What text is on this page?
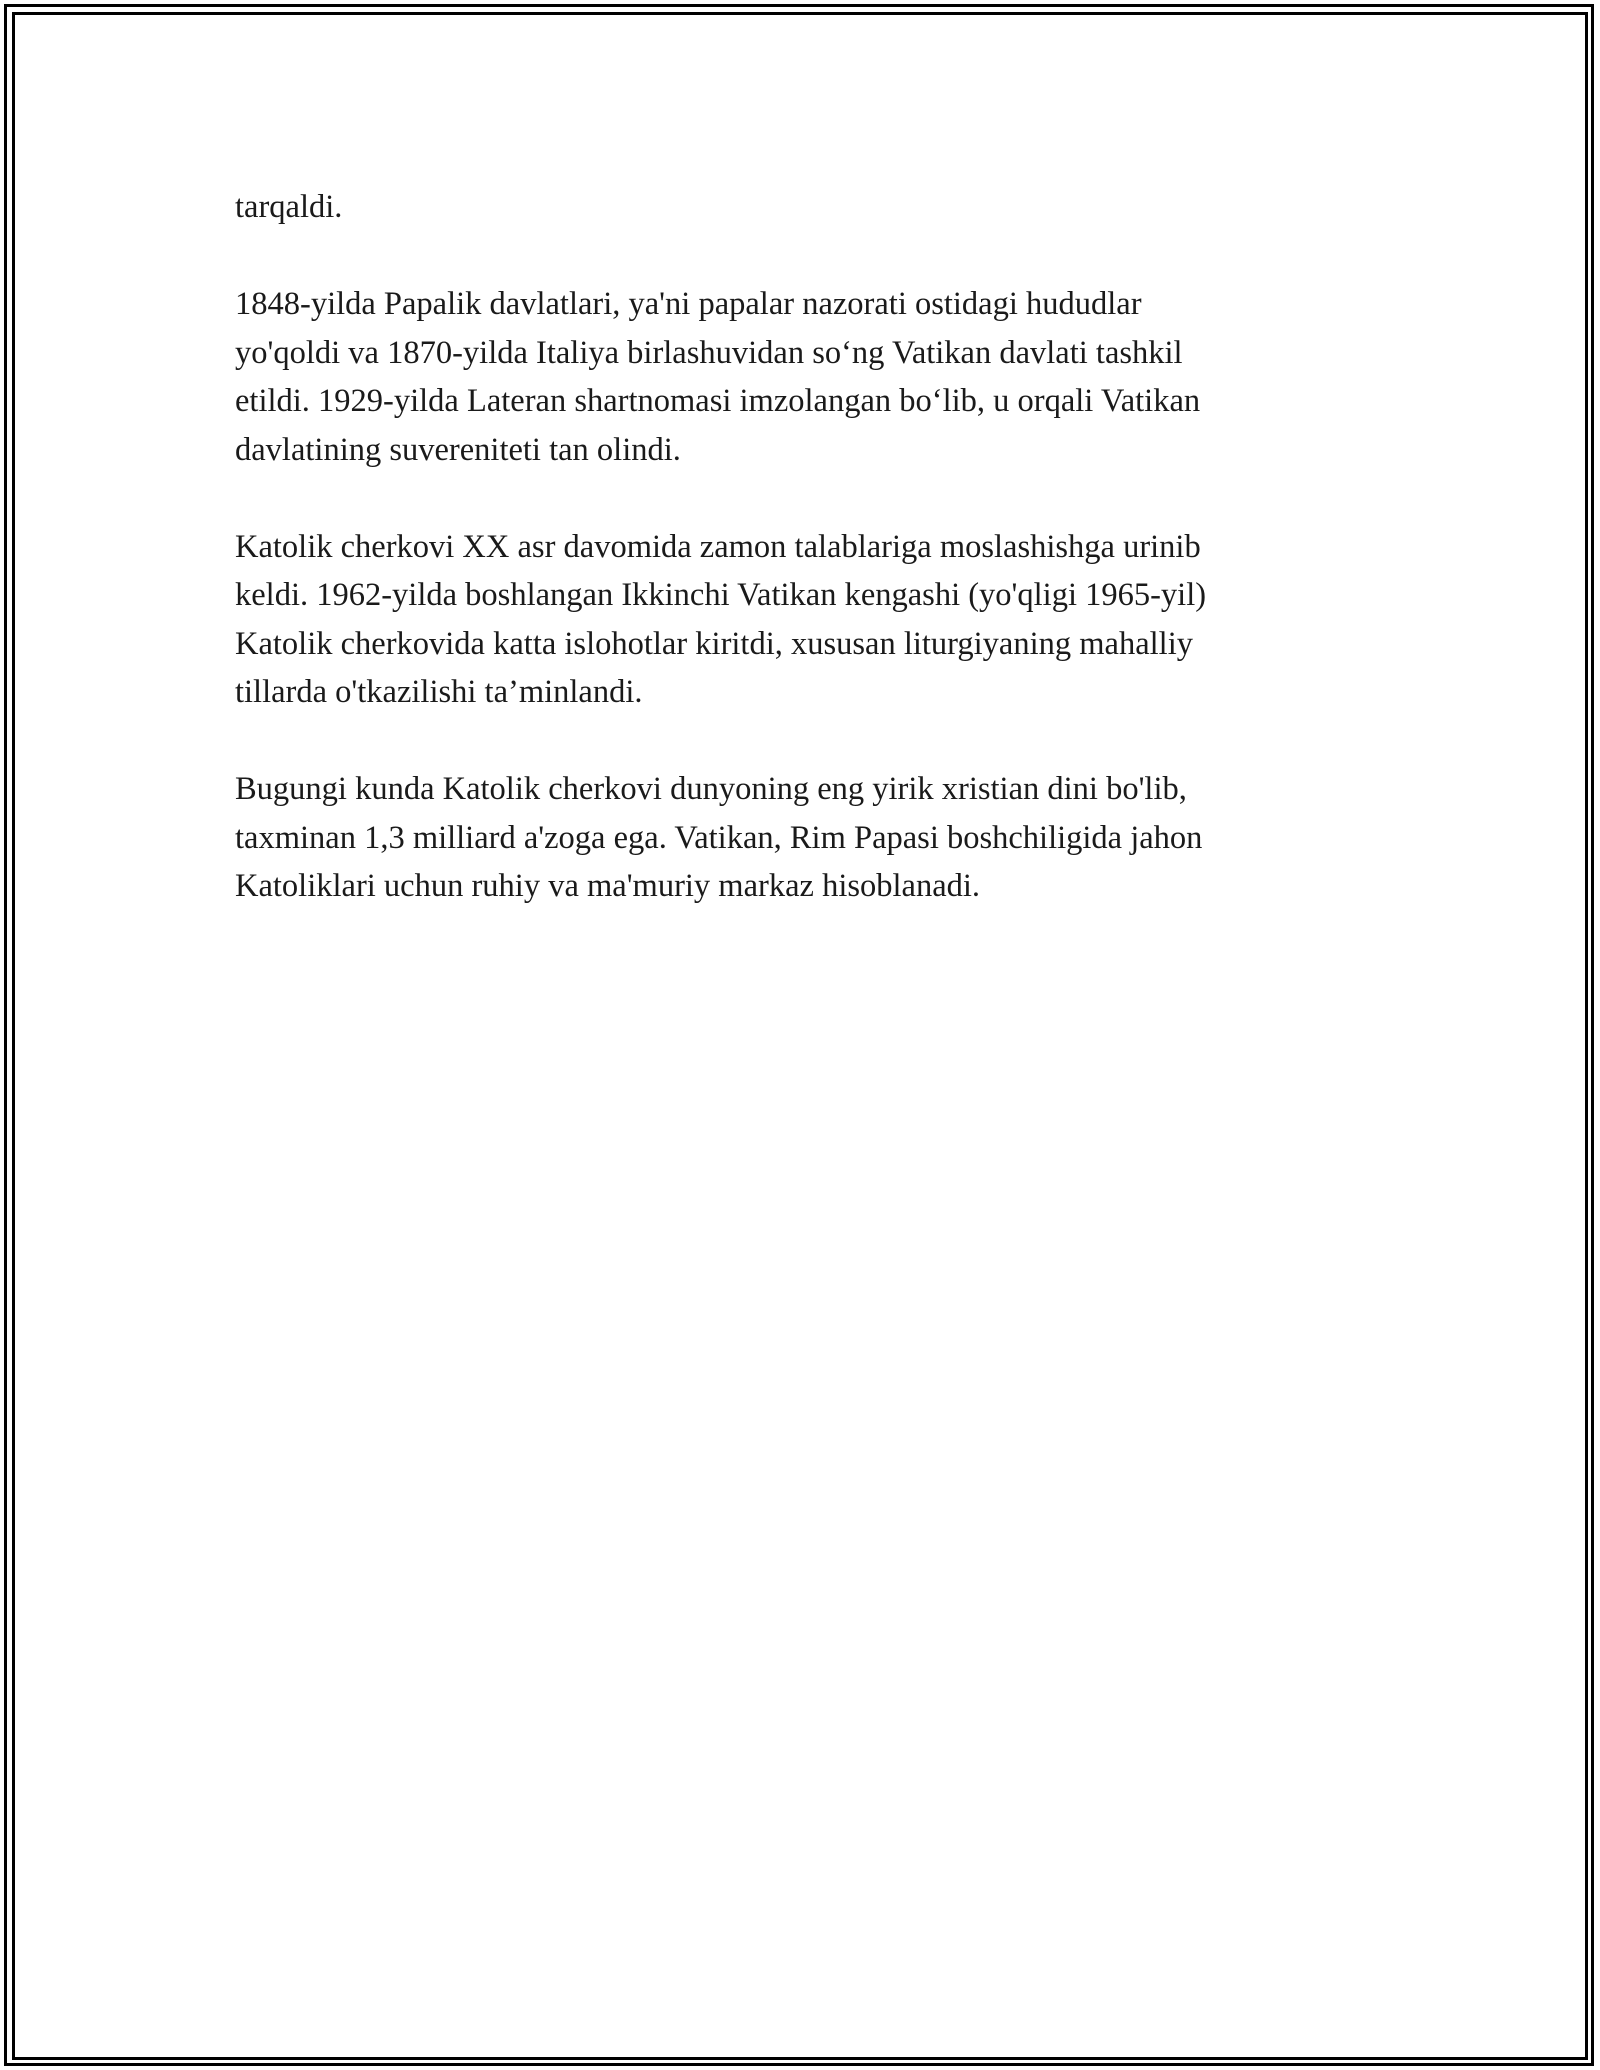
tarqaldi.

1848-yilda Papalik davlatlari, ya'ni papalar nazorati ostidagi hududlar
yo'qoldi va 1870-yilda Italiya birlashuvidan so‘ng Vatikan davlati tashkil
etildi. 1929-yilda Lateran shartnomasi imzolangan bo‘lib, u orqali Vatikan
davlatining suvereniteti tan olindi.

Katolik cherkovi XX asr davomida zamon talablariga moslashishga urinib
keldi. 1962-yilda boshlangan Ikkinchi Vatikan kengashi (yo'qligi 1965-yil)
Katolik cherkovida katta islohotlar kiritdi, xususan liturgiyaning mahalliy
tillarda o'tkazilishi ta’minlandi.

Bugungi kunda Katolik cherkovi dunyoning eng yirik xristian dini bo'lib,
taxminan 1,3 milliard a'zoga ega. Vatikan, Rim Papasi boshchiligida jahon
Katoliklari uchun ruhiy va ma'muriy markaz hisoblanadi.
